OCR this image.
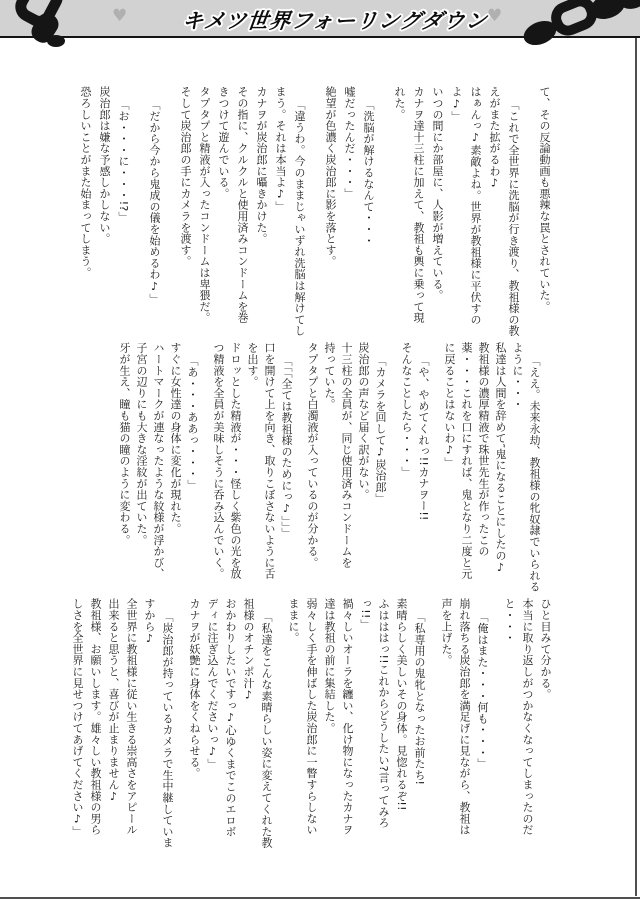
♥	キメツ世界フォーリングダウン
♥

て、その反論動画も悪辣な罠とされていた。

「これで全世界に洗脳が行き渡り、教祖様の教

えがまた拡がるわ♪

はぁんっ♪素敵よね。世界が教祖様に平伏すの

よ♪」

いつの間にか部屋に、人影が増えている。

カナヲ達十三柱に加えて、教祖も輿に乗って現

れた。

「洗脳が解けるなんて・・・

嘘だったんだ・・・」

絶望が色濃く炭治郎に影を落とす。

「違うわ。今のままじゃいずれ洗脳は解けてし

まう。それは本当よ♪」

カナヲが炭治郎に囁きかけた。

その指に、クルクルと使用済みコンドームを巻

きつけて遊んでいる。

タプタプと精液が入ったコンドームは卑猥だ。

そして炭治郎の手にカメラを渡す。

「だから今から鬼成の儀を始めるわ♪」

「お・・・に・・・!?」

炭治郎は嫌な予感しかしない。

恐ろしいことがまた始まってしまう。

「ええ。未来永劫、教祖様の牝奴隷でいられる

ように・・・

私達は人間を辞めて″鬼になることにしたの♪

教祖様の濃厚精液で珠世先生が作ったこの

薬・・・これを口にすれば、鬼となり二度と元

に戻ることはないわ♪」

「や、やめてくれっ!!カナヲー!!

そんなことしたら・・・」

「カメラを回して♪炭治郎」

炭治郎の声など届く訳がない。

十三柱の全員が、同じ使用済みコンドームを

持っていた。

タプタプと白濁液が入っているのが分かる。

「「「全ては教祖様のためにっ♪」」」

口を開けて上を向き、取りこぼさないように舌

を出す。

ドロッとした精液が・・・怪しく紫色の光を放

つ精液を全員が美味しそうに呑み込んでいく。

「あ・・・ああっ・・・」

すぐに女性達の身体に変化が現れた。

ハートマークが連なったような紋様が浮かび、

子宮の辺りにも大きな淫紋が出ていた。

牙が生え、瞳も猫の瞳のように変わる。

ひと目みて分かる。

本当に取り返しがつかなくなってしまったのだ

と・・・

「俺はまた・・・何も・・・」

崩れ落ちる炭治郎を満足げに見ながら、教祖は

声を上げた。

「私専用の鬼牝となったお前たち!

素晴らしく美しいその身体。見惚れるぞ!!

ふはははっ!!これからどうしたい?言ってみろ

っ!!」

禍々しいオーラを纏い、化け物になったカナヲ

達は教祖の前に集結した。

弱々しく手を伸ばした炭治郎に一瞥すらしない

ままに。

「私達をこんな素晴らしい姿に変えてくれた教

祖様のオチンポ汁♪

おかわりしたいですっ♪心ゆくまでこのエロボ

ディに注ぎ込んでくださいっ♪」

カナヲが妖艶に身体をくねらせる。

「炭治郎が持っているカメラで生中継していま

すから♪

全世界に教祖様に従い生きる崇高さをアピール

出来ると思うと、喜びが止まりません♪

教祖様、お願いします。雄々しい教祖様の男ら

しさを全世界に見せつけてあげてください♪」
